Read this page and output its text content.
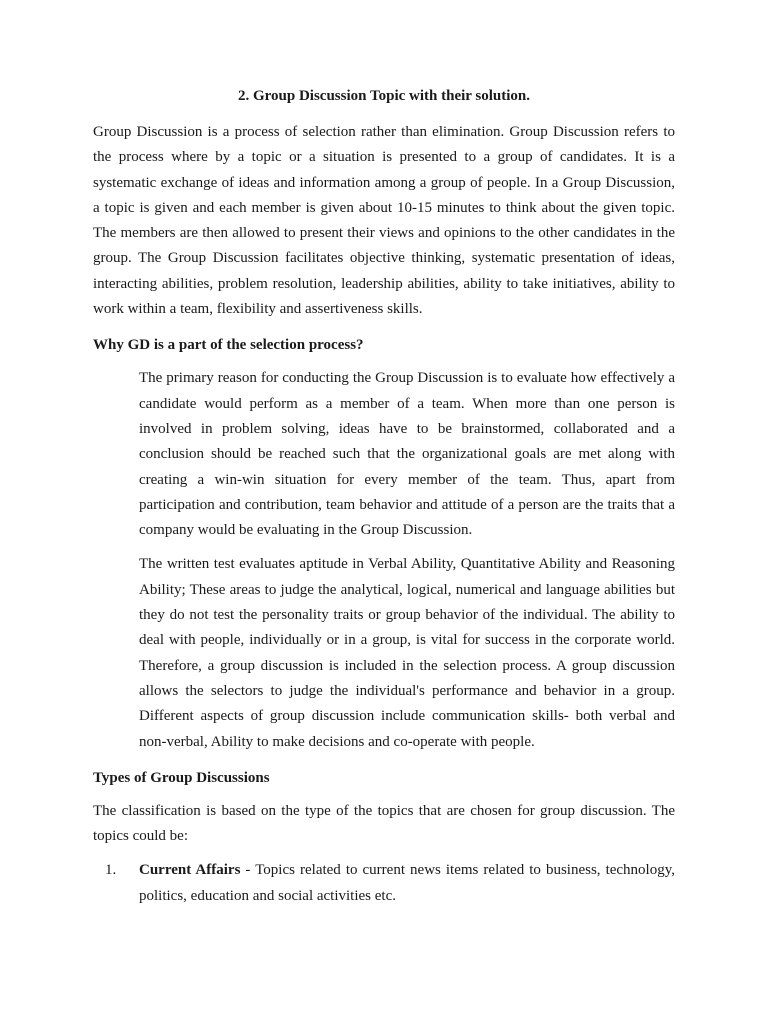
2. Group Discussion Topic with their solution.

Group Discussion is a process of selection rather than elimination. Group Discussion refers to the process where by a topic or a situation is presented to a group of candidates. It is a systematic exchange of ideas and information among a group of people. In a Group Discussion, a topic is given and each member is given about 10-15 minutes to think about the given topic. The members are then allowed to present their views and opinions to the other candidates in the group. The Group Discussion facilitates objective thinking, systematic presentation of ideas, interacting abilities, problem resolution, leadership abilities, ability to take initiatives, ability to work within a team, flexibility and assertiveness skills.

Why GD is a part of the selection process?

The primary reason for conducting the Group Discussion is to evaluate how effectively a candidate would perform as a member of a team. When more than one person is involved in problem solving, ideas have to be brainstormed, collaborated and a conclusion should be reached such that the organizational goals are met along with creating a win-win situation for every member of the team. Thus, apart from participation and contribution, team behavior and attitude of a person are the traits that a company would be evaluating in the Group Discussion.

The written test evaluates aptitude in Verbal Ability, Quantitative Ability and Reasoning Ability; These areas to judge the analytical, logical, numerical and language abilities but they do not test the personality traits or group behavior of the individual. The ability to deal with people, individually or in a group, is vital for success in the corporate world. Therefore, a group discussion is included in the selection process. A group discussion allows the selectors to judge the individual's performance and behavior in a group. Different aspects of group discussion include communication skills- both verbal and non-verbal, Ability to make decisions and co-operate with people.

Types of Group Discussions

The classification is based on the type of the topics that are chosen for group discussion. The topics could be:

1. Current Affairs - Topics related to current news items related to business, technology, politics, education and social activities etc.
